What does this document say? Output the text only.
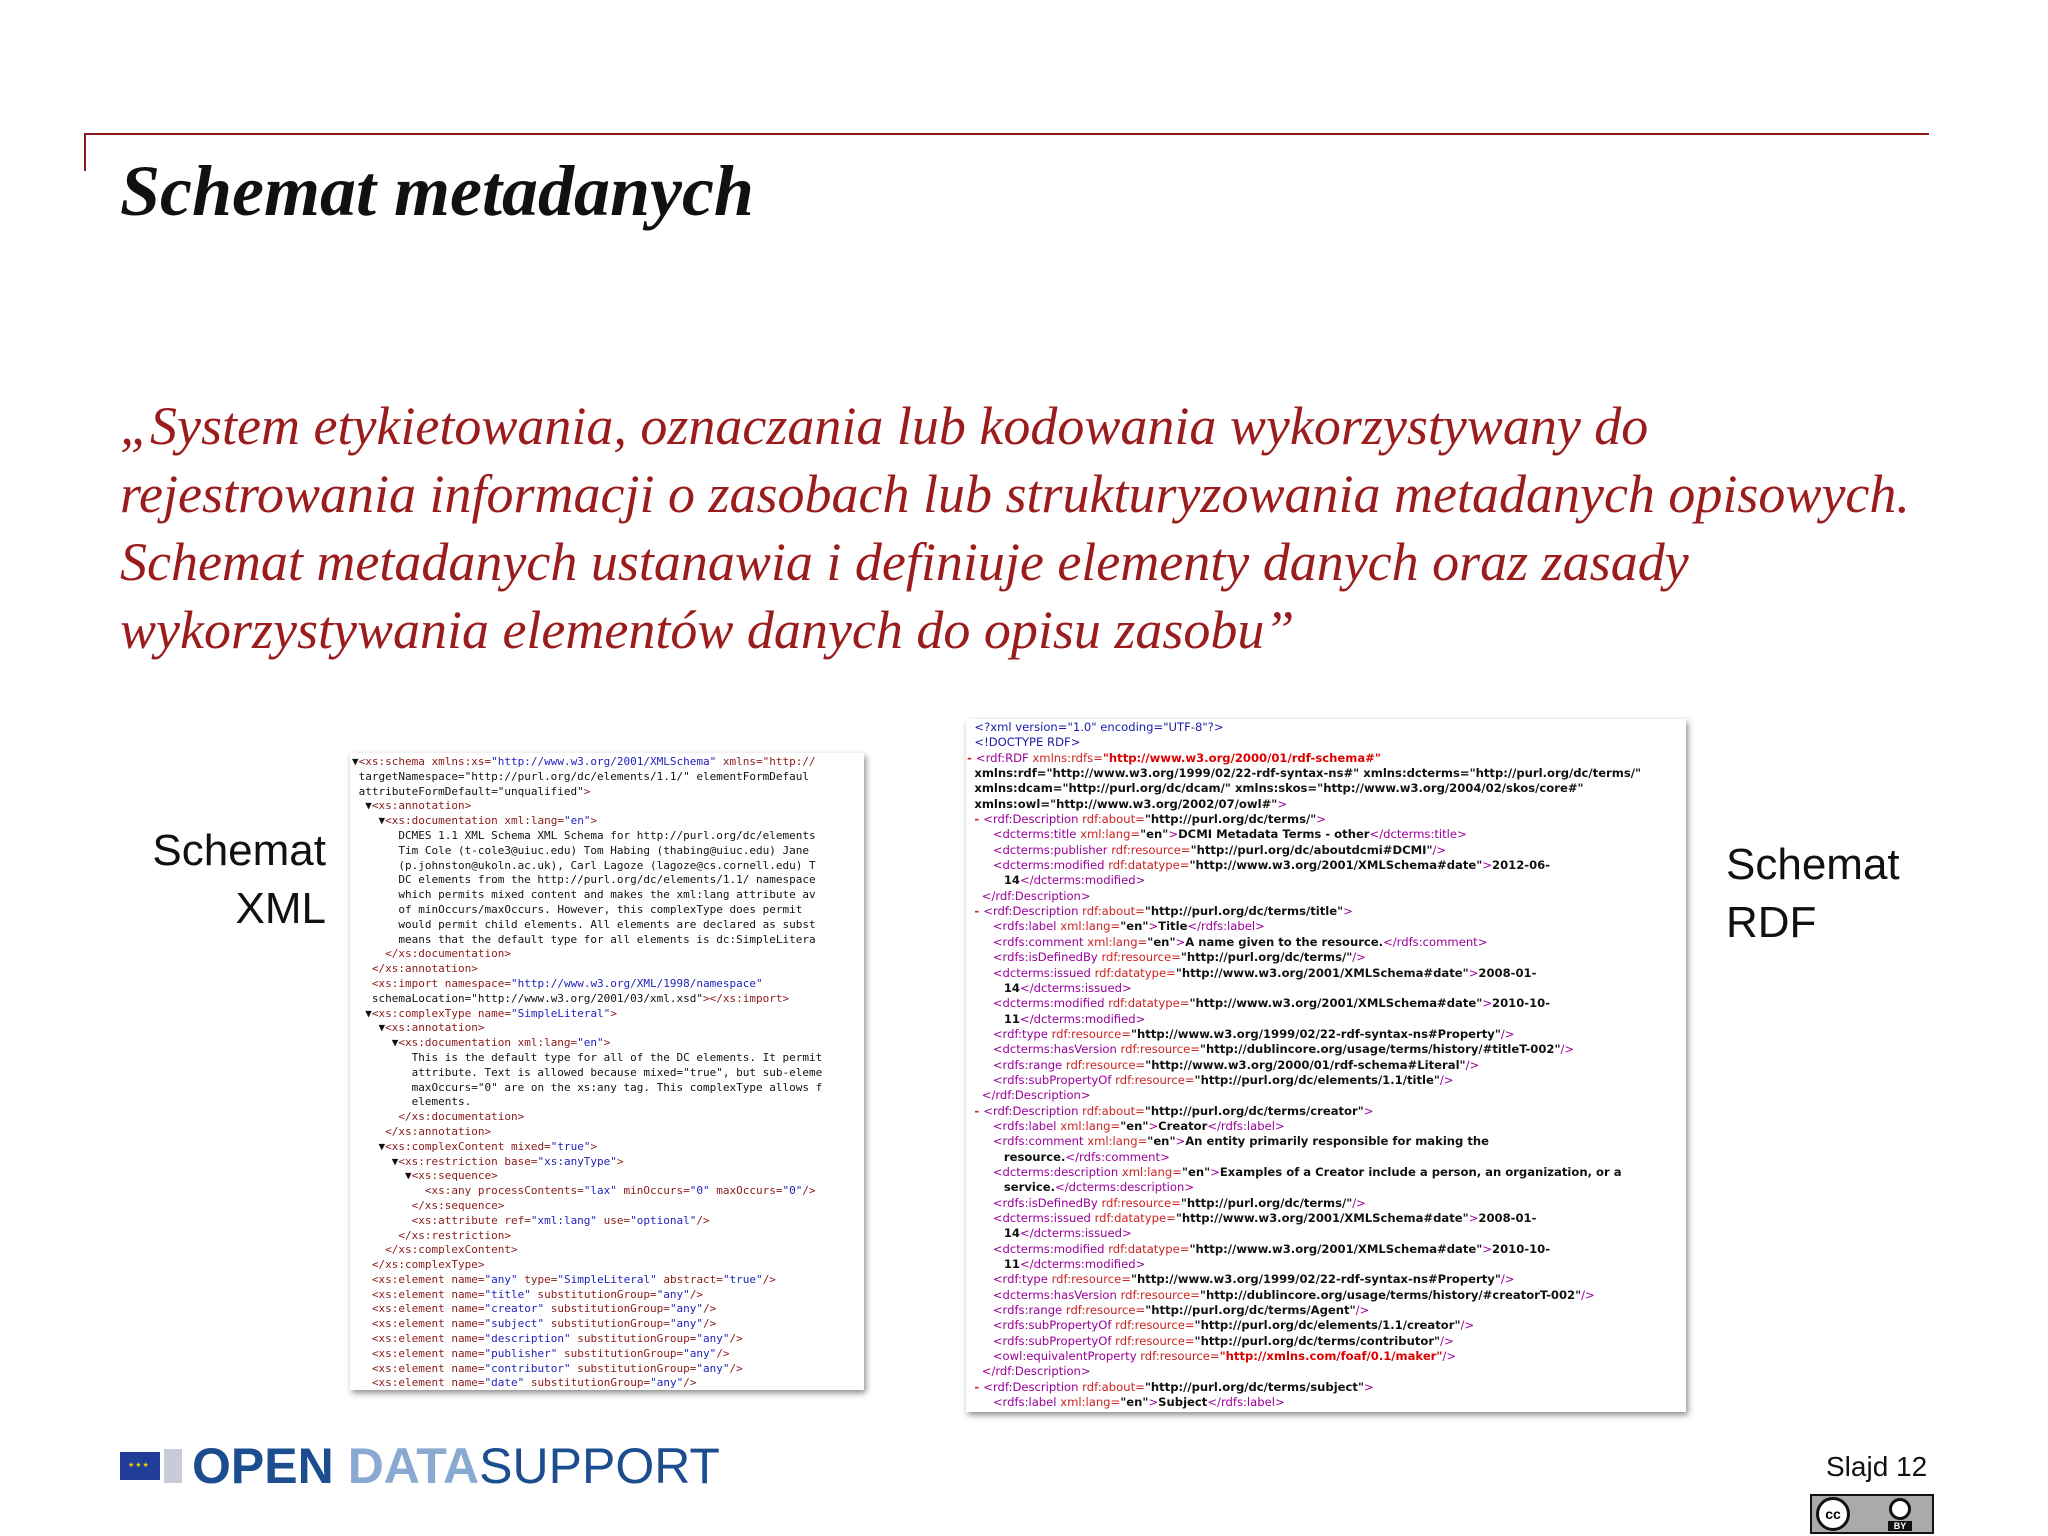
Schemat metadanych
„System etykietowania, oznaczania lub kodowania wykorzystywany do rejestrowania informacji o zasobach lub strukturyzowania metadanych opisowych. Schemat metadanych ustanawia i definiuje elementy danych oraz zasady wykorzystywania elementów danych do opisu zasobu”
Schemat
XML
▼<xs:schema xmlns:xs="http://www.w3.org/2001/XMLSchema" xmlns="http://
targetNamespace="http://purl.org/dc/elements/1.1/" elementFormDefaul
attributeFormDefault="unqualified">
▼<xs:annotation>
▼<xs:documentation xml:lang="en">
DCMES 1.1 XML Schema XML Schema for http://purl.org/dc/elements
Tim Cole (t-cole3@uiuc.edu) Tom Habing (thabing@uiuc.edu) Jane
(p.johnston@ukoln.ac.uk), Carl Lagoze (lagoze@cs.cornell.edu) T
DC elements from the http://purl.org/dc/elements/1.1/ namespace
which permits mixed content and makes the xml:lang attribute av
of minOccurs/maxOccurs. However, this complexType does permit
would permit child elements. All elements are declared as subst
means that the default type for all elements is dc:SimpleLitera
</xs:documentation>
</xs:annotation>
<xs:import namespace="http://www.w3.org/XML/1998/namespace"
schemaLocation="http://www.w3.org/2001/03/xml.xsd"></xs:import>
▼<xs:complexType name="SimpleLiteral">
▼<xs:annotation>
▼<xs:documentation xml:lang="en">
This is the default type for all of the DC elements. It permit
attribute. Text is allowed because mixed="true", but sub-eleme
maxOccurs="0" are on the xs:any tag. This complexType allows f
elements.
</xs:documentation>
</xs:annotation>
▼<xs:complexContent mixed="true">
▼<xs:restriction base="xs:anyType">
▼<xs:sequence>
<xs:any processContents="lax" minOccurs="0" maxOccurs="0"/>
</xs:sequence>
<xs:attribute ref="xml:lang" use="optional"/>
</xs:restriction>
</xs:complexContent>
</xs:complexType>
<xs:element name="any" type="SimpleLiteral" abstract="true"/>
<xs:element name="title" substitutionGroup="any"/>
<xs:element name="creator" substitutionGroup="any"/>
<xs:element name="subject" substitutionGroup="any"/>
<xs:element name="description" substitutionGroup="any"/>
<xs:element name="publisher" substitutionGroup="any"/>
<xs:element name="contributor" substitutionGroup="any"/>
<xs:element name="date" substitutionGroup="any"/>
<?xml version="1.0" encoding="UTF-8"?>
<!DOCTYPE RDF>
- <rdf:RDF xmlns:rdfs="http://www.w3.org/2000/01/rdf-schema#"
xmlns:rdf="http://www.w3.org/1999/02/22-rdf-syntax-ns#" xmlns:dcterms="http://purl.org/dc/terms/"
xmlns:dcam="http://purl.org/dc/dcam/" xmlns:skos="http://www.w3.org/2004/02/skos/core#"
xmlns:owl="http://www.w3.org/2002/07/owl#">
- <rdf:Description rdf:about="http://purl.org/dc/terms/">
<dcterms:title xml:lang="en">DCMI Metadata Terms - other</dcterms:title>
<dcterms:publisher rdf:resource="http://purl.org/dc/aboutdcmi#DCMI"/>
<dcterms:modified rdf:datatype="http://www.w3.org/2001/XMLSchema#date">2012-06-
14</dcterms:modified>
</rdf:Description>
- <rdf:Description rdf:about="http://purl.org/dc/terms/title">
<rdfs:label xml:lang="en">Title</rdfs:label>
<rdfs:comment xml:lang="en">A name given to the resource.</rdfs:comment>
<rdfs:isDefinedBy rdf:resource="http://purl.org/dc/terms/"/>
<dcterms:issued rdf:datatype="http://www.w3.org/2001/XMLSchema#date">2008-01-
14</dcterms:issued>
<dcterms:modified rdf:datatype="http://www.w3.org/2001/XMLSchema#date">2010-10-
11</dcterms:modified>
<rdf:type rdf:resource="http://www.w3.org/1999/02/22-rdf-syntax-ns#Property"/>
<dcterms:hasVersion rdf:resource="http://dublincore.org/usage/terms/history/#titleT-002"/>
<rdfs:range rdf:resource="http://www.w3.org/2000/01/rdf-schema#Literal"/>
<rdfs:subPropertyOf rdf:resource="http://purl.org/dc/elements/1.1/title"/>
</rdf:Description>
- <rdf:Description rdf:about="http://purl.org/dc/terms/creator">
<rdfs:label xml:lang="en">Creator</rdfs:label>
<rdfs:comment xml:lang="en">An entity primarily responsible for making the
resource.</rdfs:comment>
<dcterms:description xml:lang="en">Examples of a Creator include a person, an organization, or a
service.</dcterms:description>
<rdfs:isDefinedBy rdf:resource="http://purl.org/dc/terms/"/>
<dcterms:issued rdf:datatype="http://www.w3.org/2001/XMLSchema#date">2008-01-
14</dcterms:issued>
<dcterms:modified rdf:datatype="http://www.w3.org/2001/XMLSchema#date">2010-10-
11</dcterms:modified>
<rdf:type rdf:resource="http://www.w3.org/1999/02/22-rdf-syntax-ns#Property"/>
<dcterms:hasVersion rdf:resource="http://dublincore.org/usage/terms/history/#creatorT-002"/>
<rdfs:range rdf:resource="http://purl.org/dc/terms/Agent"/>
<rdfs:subPropertyOf rdf:resource="http://purl.org/dc/elements/1.1/creator"/>
<rdfs:subPropertyOf rdf:resource="http://purl.org/dc/terms/contributor"/>
<owl:equivalentProperty rdf:resource="http://xmlns.com/foaf/0.1/maker"/>
</rdf:Description>
- <rdf:Description rdf:about="http://purl.org/dc/terms/subject">
<rdfs:label xml:lang="en">Subject</rdfs:label>
Schemat
RDF
★★★
OPEN DATA SUPPORT	Slajd 12
cc
BY
